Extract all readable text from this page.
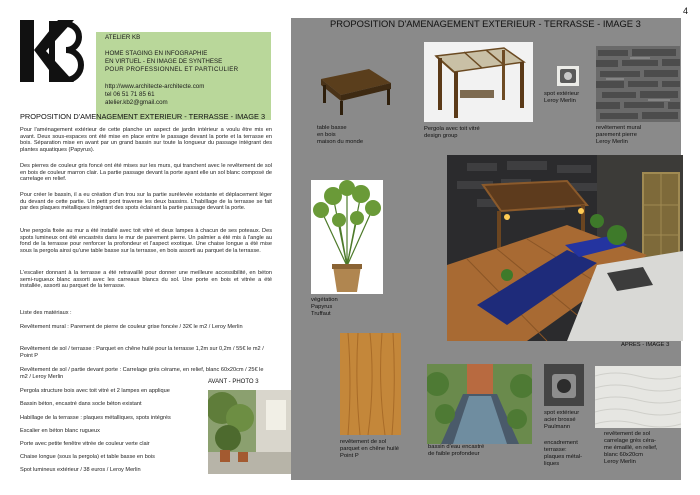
4
ATELIER KB
HOME STAGING EN INFOGRAPHIE
EN VIRTUEL - EN IMAGE DE SYNTHESE
POUR PROFESSIONNEL ET PARTICULIER
http://www.architecte-architecte.com
tel 06 51 71 85 61
atelier.kb2@gmail.com
PROPOSITION D'AMENAGEMENT EXTERIEUR - TERRASSE - IMAGE 3

Pour l'aménagement extérieur de cette planche un aspect de jardin intérieur a voulu être mis en avant. Deux sous-espaces ont été mise en place entre le passage devant la porte et la terrasse en bois. Séparation mise en avant par un grand bassin sur toute la longueur du passage intégrant des plantes aquatiques (Papyrus).

Des pierres de couleur gris foncé ont été mises sur les murs, qui tranchent avec le revêtement de sol en bois de couleur marron clair. La partie passage devant la porte ayant elle un sol blanc composé de carrelage en relief.

Pour créer le bassin, il a eu création d'un trou sur la partie surélevée existante et déplacement léger du devant de cette partie. Un petit pont traverse les deux bassins. L'habillage de la terrasse se fait par des plaques métalliques intégrant des spots éclairant la partie passage devant la porte.

Une pergola fixée au mur a été installé avec toit vitré et deux lampes à chacun de ses poteaux. Des spots lumineux ont été encastrés dans le mur de parement pierre. Un palmier a été mis à l'angle au fond de la terrasse pour renforcer la profondeur et l'aspect exotique. Une chaise longue a été mise sous la pergola ainsi qu'une table basse sur la terrasse, en bois assorti au parquet de la terrasse.

L'escalier donnant à la terrasse a été retravaillé pour donner une meilleure accessibilité, en béton semi-rugueux blanc assorti avec les carreaux blancs du sol. Une porte en bois et vitrée a été installée, assorti au parquet de la terrasse.

Liste des matériaux :

Revêtement mural : Parement de pierre de couleur grise foncée / 32€ le m2 / Leroy Merlin

Revêtement de sol / terrasse : Parquet en chêne huilé pour la terrasse 1,2m sur 0,2m / 55€ le m2 / Point P

Revêtement de sol / partie devant porte : Carrelage grès cérame, en relief, blanc 60x20cm / 25€ le m2 / Leroy Merlin

Pergola structure bois avec toit vitré et 2 lampes en applique

Bassin béton, encastré dans socle béton existant

Habillage de la terrasse : plaques métalliques, spots intégrés

Escalier en béton blanc rugueux

Porte avec petite fenêtre vitrée de couleur verte clair

Chaise longue (sous la pergola) et table basse en bois

Spot lumineux extérieur / 38 euros / Leroy Merlin

AVANT - PHOTO 3
PROPOSITION D'AMENAGEMENT EXTERIEUR - TERRASSE - IMAGE 3
table basse
en bois
maison du monde
Pergola avec toit vitré
design group
spot extérieur
Leroy Merlin
revêtement mural
parement pierre
Leroy Merlin
végétation
Papyrus
Truffaut
APRES - IMAGE 3
revêtement de sol
parquet en chêne huilé
Point P
bassin d'eau encastré
de faible profondeur
spot extérieur
acier brossé
Paulmann
encadrement
terrasse:
plaques métal-
liques
revêtement de sol
carrelage grès céra-
me émaillé, en relief,
blanc 60x20cm
Leroy Merlin
